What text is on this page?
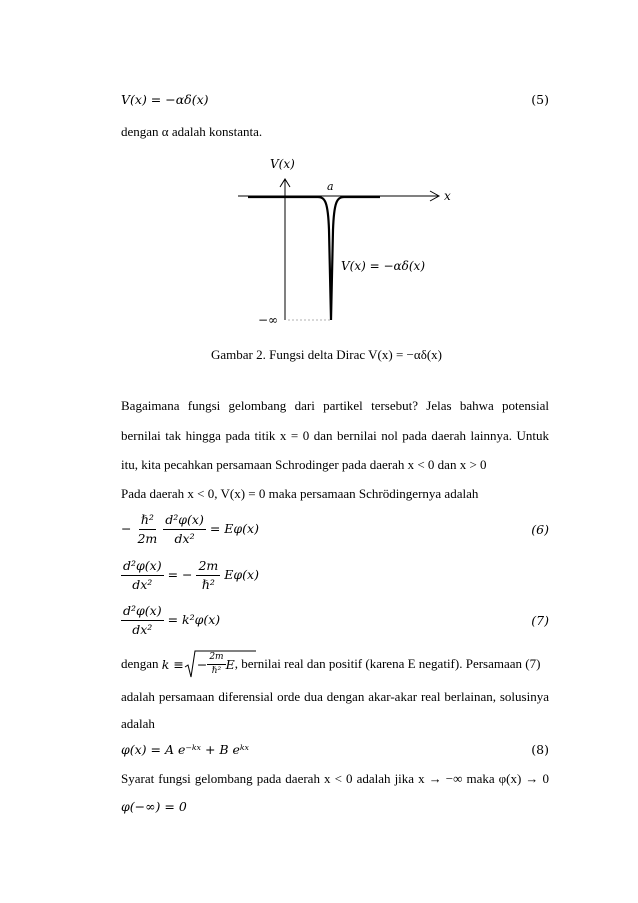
V(x) = −αδ(x)	(5)
dengan α adalah konstanta.
V(x)
a
x
V(x) = −αδ(x)
−∞
Gambar 2. Fungsi delta Dirac V(x) = −αδ(x)
Bagaimana fungsi gelombang dari partikel tersebut? Jelas bahwa potensial
bernilai tak hingga pada titik x = 0 dan bernilai nol pada daerah lainnya. Untuk
itu, kita pecahkan persamaan Schrodinger pada daerah x < 0 dan x > 0
Pada daerah x < 0, V(x) = 0 maka persamaan Schrödingernya adalah
− $\frac{\text{ℏ²}}{2m}$
$\frac{\text{d²φ(x)}}{\text{dx²}} = E\varphi(x)$	(6)
$\frac{\text{d²φ(x)}}{\text{dx²}}$ = − $\frac{2m}{\text{ℏ²}} E\varphi(x)$
$\frac{\text{d²φ(x)}}{\text{dx²}} = k^2\varphi(x)$	(7)
dengan k ≡ − $\frac{2m}{\text{ℏ²}}$ E , bernilai real dan positif (karena E negatif). Persamaan (7)
adalah persamaan diferensial orde dua dengan akar-akar real berlainan, solusinya
adalah
φ(x) = A e⁻ᵏˣ + B eᵏˣ	(8)
Syarat fungsi gelombang pada daerah x < 0 adalah jika x → −∞ maka φ(x) → 0
φ(−∞) = 0
